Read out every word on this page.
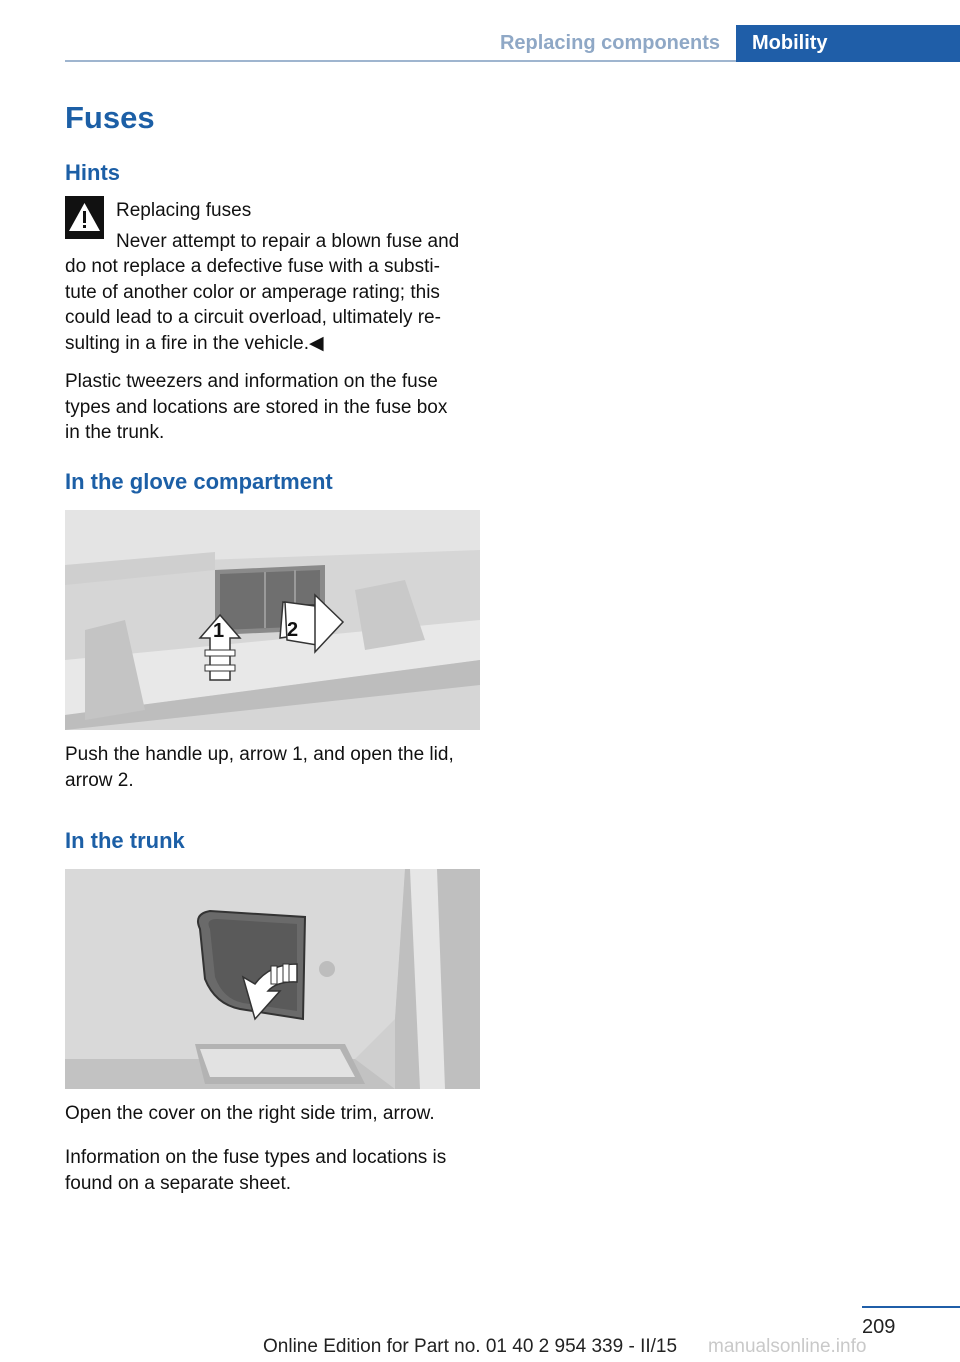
Replacing components	Mobility
Fuses
Hints
Replacing fuses
Never attempt to repair a blown fuse and
do not replace a defective fuse with a substi‐
tute of another color or amperage rating; this
could lead to a circuit overload, ultimately re‐
sulting in a fire in the vehicle.◀
Plastic tweezers and information on the fuse
types and locations are stored in the fuse box
in the trunk.
In the glove compartment
1	2
Push the handle up, arrow 1, and open the lid,
arrow 2.
In the trunk
Open the cover on the right side trim, arrow.
Information on the fuse types and locations is
found on a separate sheet.
209
Online Edition for Part no. 01 40 2 954 339 - II/15 manualsonline.info
